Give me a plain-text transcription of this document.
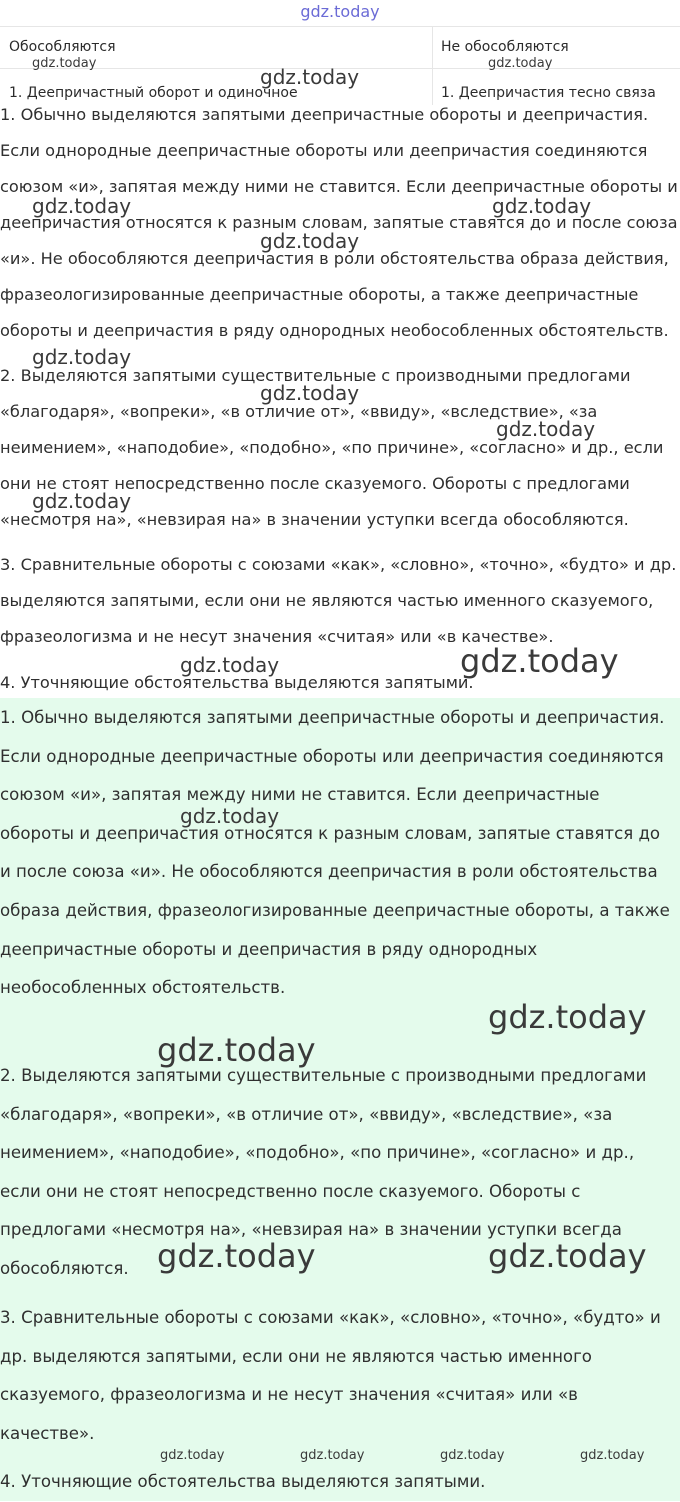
gdz.today
Обособляются	Не обособляются
1. Деепричастный оборот и одиночное	1. Деепричастия тесно связа

1. Обычно выделяются запятыми деепричастные обороты и деепричастия. Если однородные деепричастные обороты или деепричастия соединяются союзом «и», запятая между ними не ставится. Если деепричастные обороты и деепричастия относятся к разным словам, запятые ставятся до и после союза «и». Не обособляются деепричастия в роли обстоятельства образа действия, фразеологизированные деепричастные обороты, а также деепричастные обороты и деепричастия в ряду однородных необособленных обстоятельств.

2. Выделяются запятыми существительные с производными предлогами «благодаря», «вопреки», «в отличие от», «ввиду», «вследствие», «за неимением», «наподобие», «подобно», «по причине», «согласно» и др., если они не стоят непосредственно после сказуемого. Обороты с предлогами «несмотря на», «невзирая на» в значении уступки всегда обособляются.

3. Сравнительные обороты с союзами «как», «словно», «точно», «будто» и др. выделяются запятыми, если они не являются частью именного сказуемого, фразеологизма и не несут значения «считая» или «в качестве».

4. Уточняющие обстоятельства выделяются запятыми.

1. Обычно выделяются запятыми деепричастные обороты и деепричастия. Если однородные деепричастные обороты или деепричастия соединяются союзом «и», запятая между ними не ставится. Если деепричастные обороты и деепричастия относятся к разным словам, запятые ставятся до и после союза «и». Не обособляются деепричастия в роли обстоятельства образа действия, фразеологизированные деепричастные обороты, а также деепричастные обороты и деепричастия в ряду однородных необособленных обстоятельств.

2. Выделяются запятыми существительные с производными предлогами «благодаря», «вопреки», «в отличие от», «ввиду», «вследствие», «за неимением», «наподобие», «подобно», «по причине», «согласно» и др., если они не стоят непосредственно после сказуемого. Обороты с предлогами «несмотря на», «невзирая на» в значении уступки всегда обособляются.

3. Сравнительные обороты с союзами «как», «словно», «точно», «будто» и др. выделяются запятыми, если они не являются частью именного сказуемого, фразеологизма и не несут значения «считая» или «в качестве».

4. Уточняющие обстоятельства выделяются запятыми.

gdz.today	gdz.today
gdz.today
gdz.today	gdz.today
gdz.today
gdz.today
gdz.today
gdz.today
gdz.today
gdz.today	gdz.today
gdz.today
gdz.today
gdz.today
gdz.today	gdz.today
gdz.today	gdz.today	gdz.today	gdz.today
